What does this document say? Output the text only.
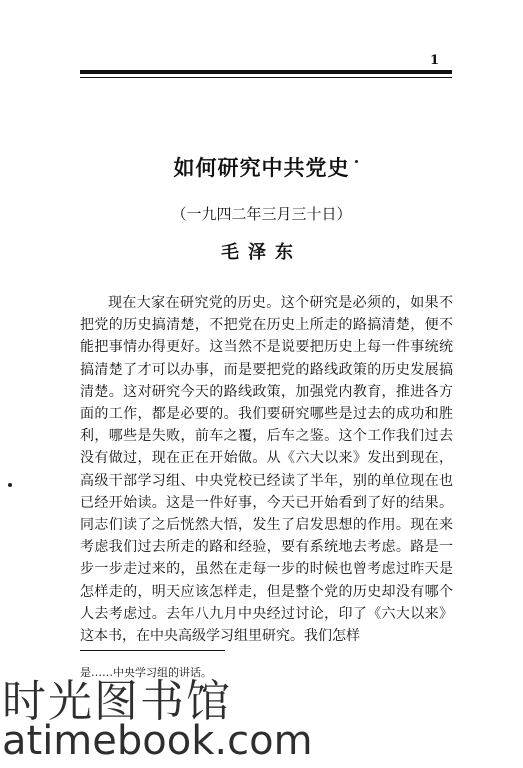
1
如何研究中共党史
（一九四二年三月三十日）
毛泽东

现在大家在研究党的历史。这个研究是必须的，如果不把党的历史搞清楚，不把党在历史上所走的路搞清楚，便不能把事情办得更好。这当然不是说要把历史上每一件事统统搞清楚了才可以办事，而是要把党的路线政策的历史发展搞清楚。这对研究今天的路线政策，加强党内教育，推进各方面的工作，都是必要的。我们要研究哪些是过去的成功和胜利，哪些是失败，前车之覆，后车之鉴。这个工作我们过去没有做过，现在正在开始做。从《六大以来》发出到现在，高级干部学习组、中央党校已经读了半年，别的单位现在也已经开始读。这是一件好事，今天已开始看到了好的结果。同志们读了之后恍然大悟，发生了启发思想的作用。现在来考虑我们过去所走的路和经验，要有系统地去考虑。路是一步一步走过来的，虽然在走每一步的时候也曾考虑过昨天是怎样走的，明天应该怎样走，但是整个党的历史却没有哪个人去考虑过。去年八九月中央经过讨论，印了《六大以来》这本书，在中央高级学习组里研究。我们怎样

是……中央学习组的讲话。
时光图书馆
atimebook.com
